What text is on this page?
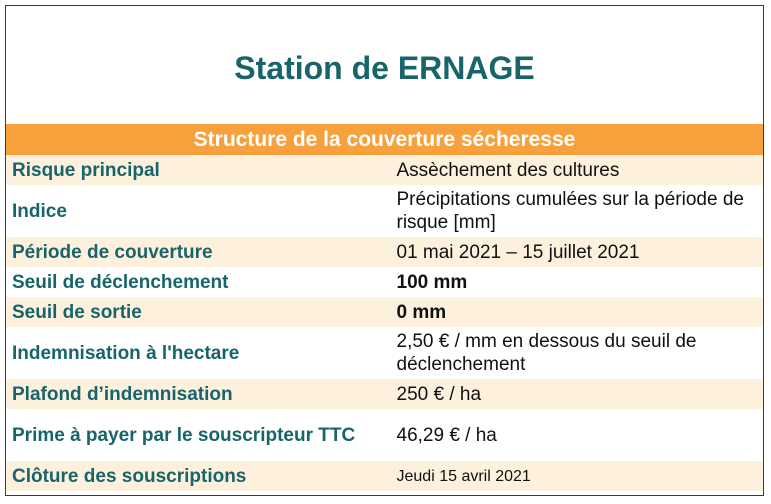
Station de ERNAGE
Structure de la couverture sécheresse	
Risque principal	Assèchement des cultures
Indice	Précipitations cumulées sur la période de risque [mm]
Période de couverture	01 mai 2021 – 15 juillet 2021
Seuil de déclenchement	100 mm
Seuil de sortie	0 mm
Indemnisation à l'hectare	2,50 € / mm en dessous du seuil de déclenchement
Plafond d’indemnisation	250 € / ha
Prime à payer par le souscripteur TTC	46,29 € / ha
Clôture des souscriptions	Jeudi 15 avril 2021
